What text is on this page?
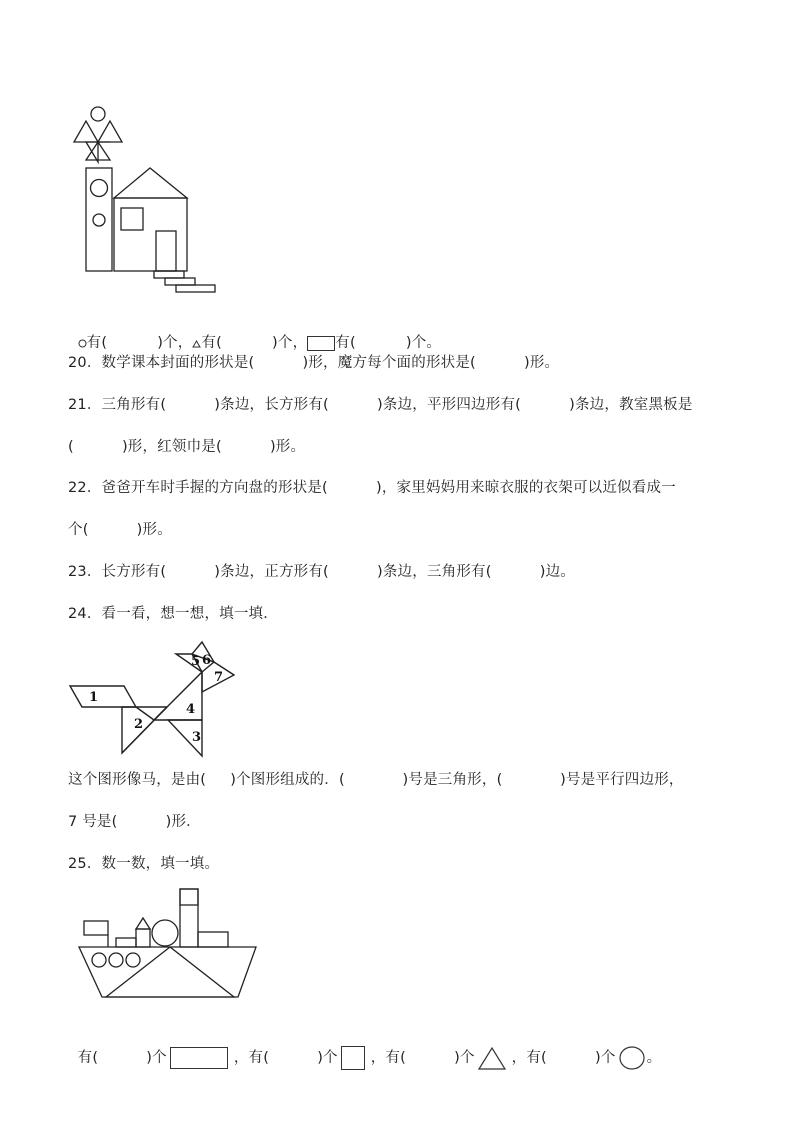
有(	)个， 有(	)个， 有(	)个。

20．数学课本封面的形状是(          )形，魔方每个面的形状是(          )形。
21．三角形有(          )条边，长方形有(          )条边，平形四边形有(          )条边，教室黑板是
(          )形，红领巾是(          )形。
22．爸爸开车时手握的方向盘的形状是(          )，家里妈妈用来晾衣服的衣架可以近似看成一
个(          )形。
23．长方形有(          )条边，正方形有(          )条边，三角形有(          )边。
24．看一看，想一想，填一填．
1
2
3
4
5 6
7
这个图形像马，是由(     )个图形组成的．(            )号是三角形，(            )号是平行四边形，
7 号是(          )形．
25．数一数，填一填。

有(          )个	，有(          )个 ，有(          )个	，有(          )个 。
